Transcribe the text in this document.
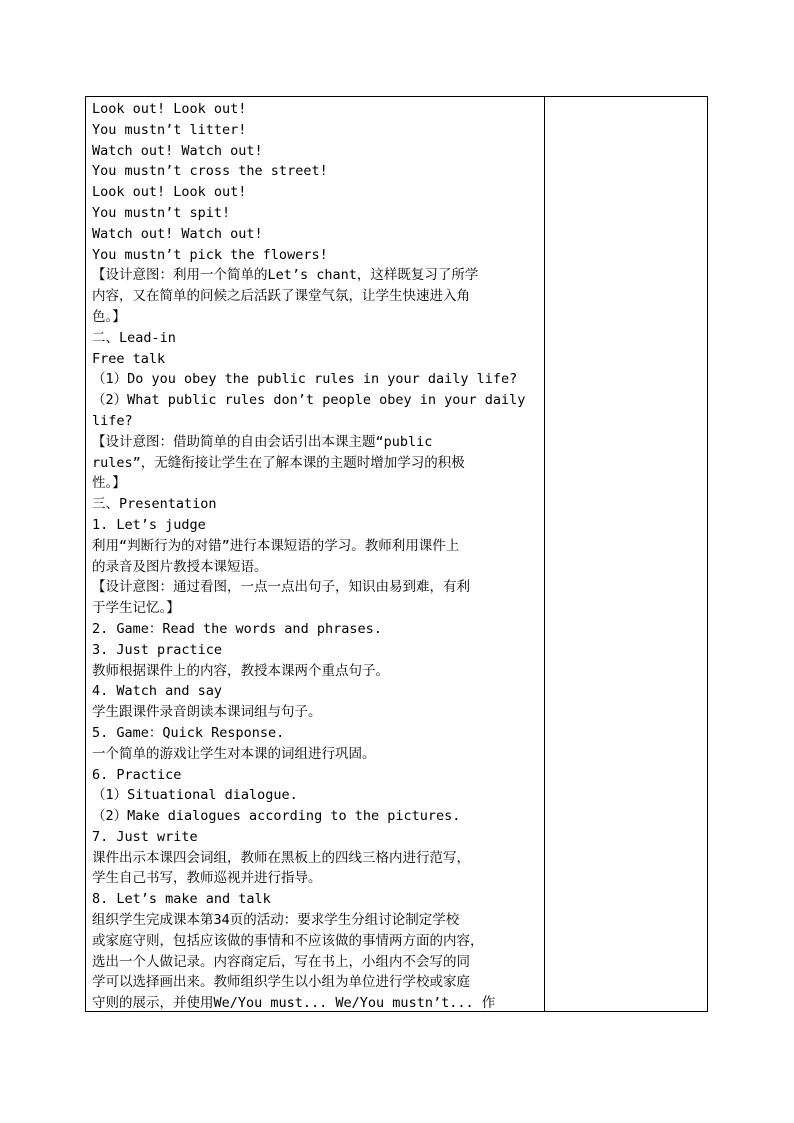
Look out! Look out!
You mustn’t litter!
Watch out! Watch out!
You mustn’t cross the street!
Look out! Look out!
You mustn’t spit!
Watch out! Watch out!
You mustn’t pick the flowers!
【设计意图：利用一个简单的Let’s chant，这样既复习了所学
内容，又在简单的问候之后活跃了课堂气氛，让学生快速进入角
色。】
二、Lead-in
Free talk
（1）Do you obey the public rules in your daily life?
（2）What public rules don’t people obey in your daily
life?
【设计意图：借助简单的自由会话引出本课主题“public
rules”，无缝衔接让学生在了解本课的主题时增加学习的积极
性。】
三、Presentation
1. Let’s judge
利用“判断行为的对错”进行本课短语的学习。教师利用课件上
的录音及图片教授本课短语。
【设计意图：通过看图，一点一点出句子，知识由易到难，有利
于学生记忆。】
2. Game：Read the words and phrases.
3. Just practice
教师根据课件上的内容，教授本课两个重点句子。
4. Watch and say
学生跟课件录音朗读本课词组与句子。
5. Game：Quick Response.
一个简单的游戏让学生对本课的词组进行巩固。
6. Practice
（1）Situational dialogue.
（2）Make dialogues according to the pictures.
7. Just write
课件出示本课四会词组，教师在黑板上的四线三格内进行范写，
学生自己书写，教师巡视并进行指导。
8. Let’s make and talk
组织学生完成课本第34页的活动：要求学生分组讨论制定学校
或家庭守则，包括应该做的事情和不应该做的事情两方面的内容，
选出一个人做记录。内容商定后，写在书上，小组内不会写的同
学可以选择画出来。教师组织学生以小组为单位进行学校或家庭
守则的展示，并使用We/You must... We/You mustn’t... 作
